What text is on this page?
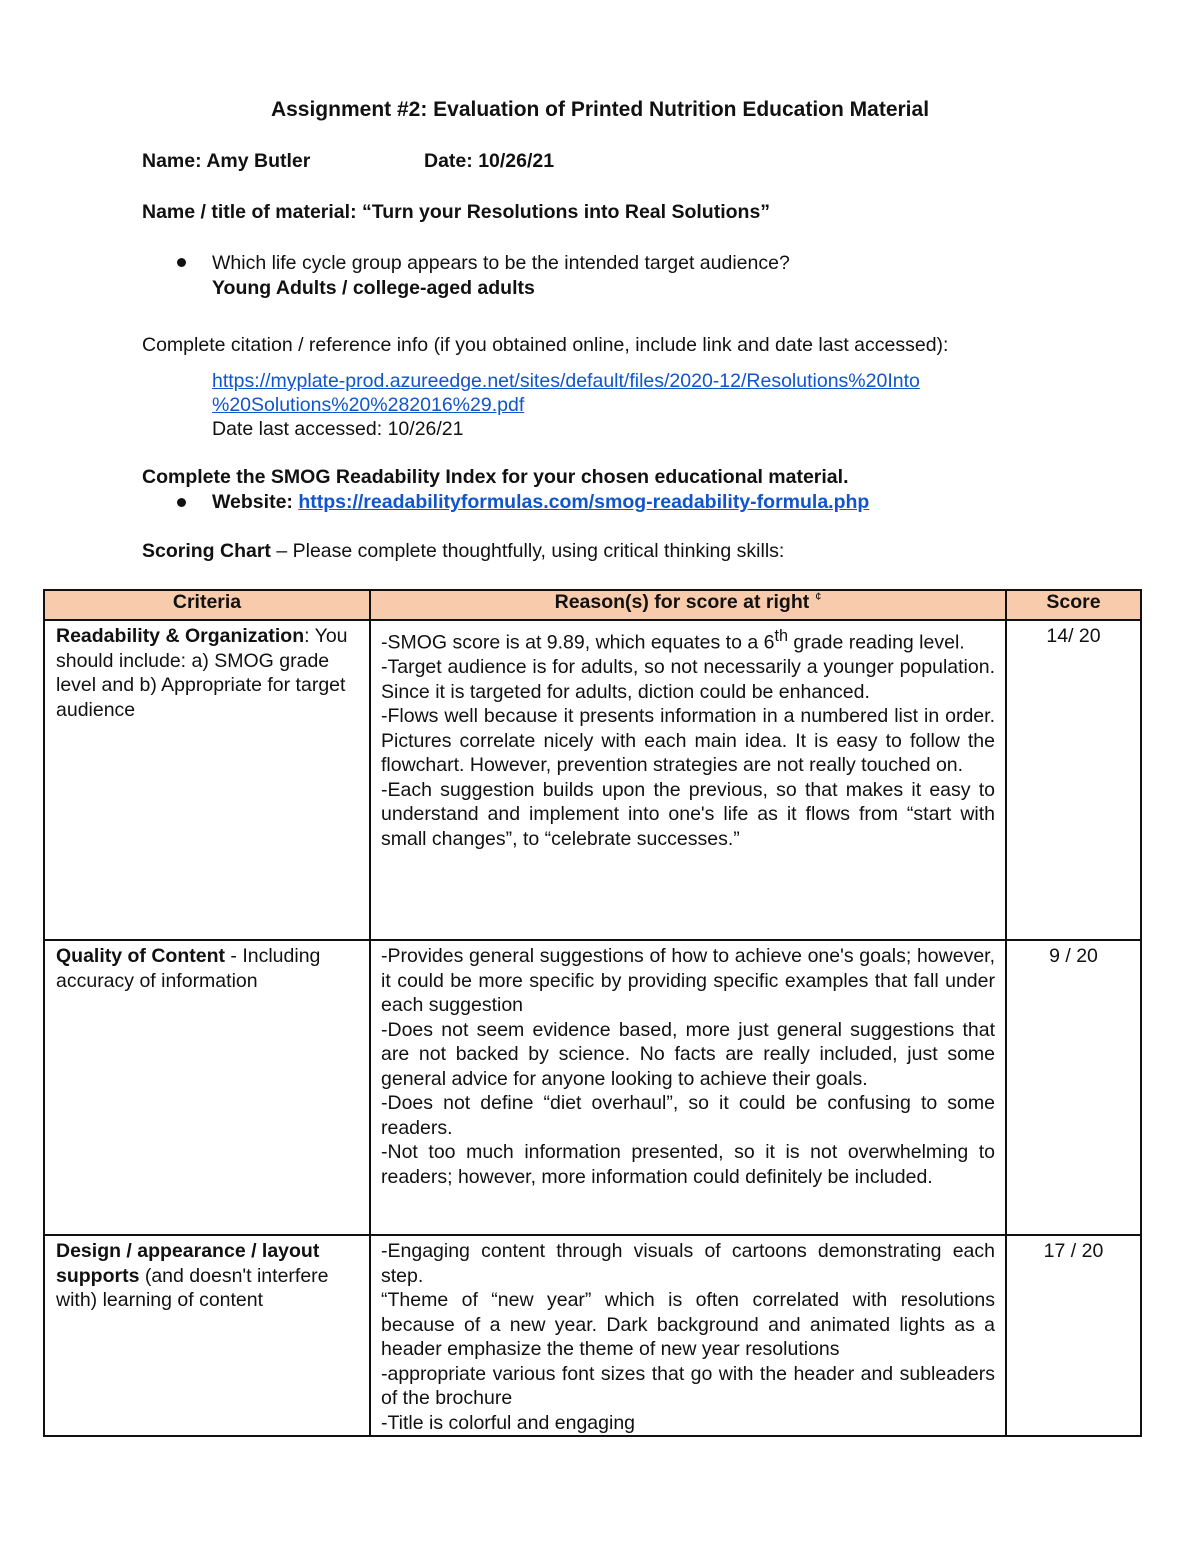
Assignment #2: Evaluation of Printed Nutrition Education Material
Name: Amy Butler	Date: 10/26/21
Name / title of material: “Turn your Resolutions into Real Solutions”
Which life cycle group appears to be the intended target audience?
Young Adults / college-aged adults
Complete citation / reference info (if you obtained online, include link and date last accessed):
https://myplate-prod.azureedge.net/sites/default/files/2020-12/Resolutions%20Into
%20Solutions%20%282016%29.pdf
Date last accessed: 10/26/21
Complete the SMOG Readability Index for your chosen educational material.
Website: https://readabilityformulas.com/smog-readability-formula.php
Scoring Chart – Please complete thoughtfully, using critical thinking skills:
Criteria	Reason(s) for score at right ¢	Score
Readability & Organization: You should include: a) SMOG grade level and b) Appropriate for target audience	-SMOG score is at 9.89, which equates to a 6th grade reading level.
-Target audience is for adults, so not necessarily a younger population. Since it is targeted for adults, diction could be enhanced.
-Flows well because it presents information in a numbered list in order. Pictures correlate nicely with each main idea. It is easy to follow the flowchart. However, prevention strategies are not really touched on.
-Each suggestion builds upon the previous, so that makes it easy to understand and implement into one's life as it flows from “start with small changes”, to “celebrate successes.”	14/ 20
Quality of Content - Including accuracy of information	-Provides general suggestions of how to achieve one's goals; however, it could be more specific by providing specific examples that fall under each suggestion
-Does not seem evidence based, more just general suggestions that are not backed by science. No facts are really included, just some general advice for anyone looking to achieve their goals.
-Does not define “diet overhaul”, so it could be confusing to some readers.
-Not too much information presented, so it is not overwhelming to readers; however, more information could definitely be included.	9 / 20
Design / appearance / layout supports (and doesn't interfere with) learning of content	-Engaging content through visuals of cartoons demonstrating each step.
“Theme of “new year” which is often correlated with resolutions because of a new year. Dark background and animated lights as a header emphasize the theme of new year resolutions
-appropriate various font sizes that go with the header and subleaders of the brochure
-Title is colorful and engaging	17 / 20
